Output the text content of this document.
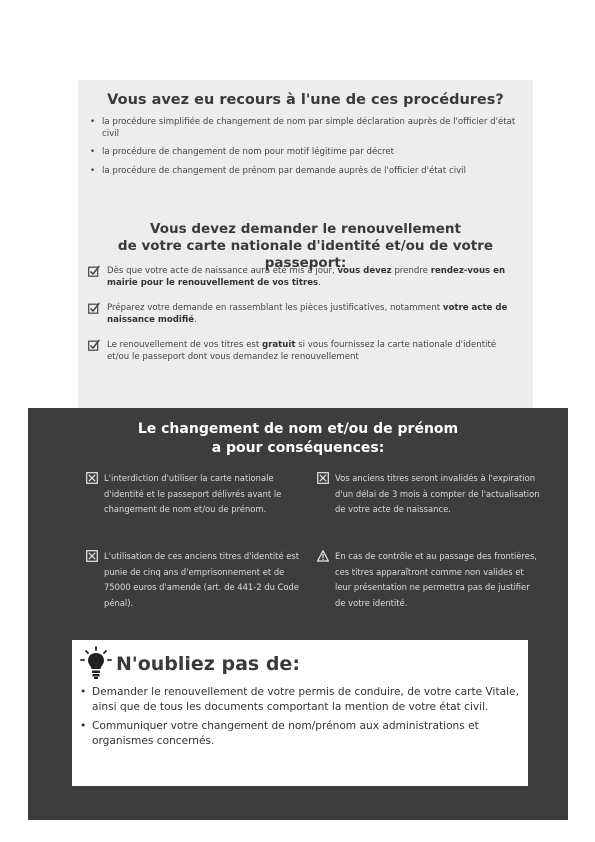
Vous avez eu recours à l'une de ces procédures?
• la procédure simplifiée de changement de nom par simple déclaration auprès de l'officier d'état civil
• la procédure de changement de nom pour motif légitime par décret
• la procédure de changement de prénom par demande auprès de l'officier d'état civil
Vous devez demander le renouvellement
de votre carte nationale d'identité et/ou de votre passeport:
Dès que votre acte de naissance aura été mis à jour, vous devez prendre rendez-vous en mairie pour le renouvellement de vos titres.
Préparez votre demande en rassemblant les pièces justificatives, notamment votre acte de naissance modifié.
Le renouvellement de vos titres est gratuit si vous fournissez la carte nationale d'identité et/ou le passeport dont vous demandez le renouvellement
Le changement de nom et/ou de prénom
a pour conséquences:
L'interdiction d'utiliser la carte nationale d'identité et le passeport délivrés avant le changement de nom et/ou de prénom.
Vos anciens titres seront invalidés à l'expiration d'un délai de 3 mois à compter de l'actualisation de votre acte de naissance.
L'utilisation de ces anciens titres d'identité est punie de cinq ans d'emprisonnement et de 75000 euros d'amende (art. de 441-2 du Code pénal).
En cas de contrôle et au passage des frontières, ces titres apparaîtront comme non valides et leur présentation ne permettra pas de justifier de votre identité.
N'oubliez pas de:
• Demander le renouvellement de votre permis de conduire, de votre carte Vitale, ainsi que de tous les documents comportant la mention de votre état civil.
• Communiquer votre changement de nom/prénom aux administrations et organismes concernés.
